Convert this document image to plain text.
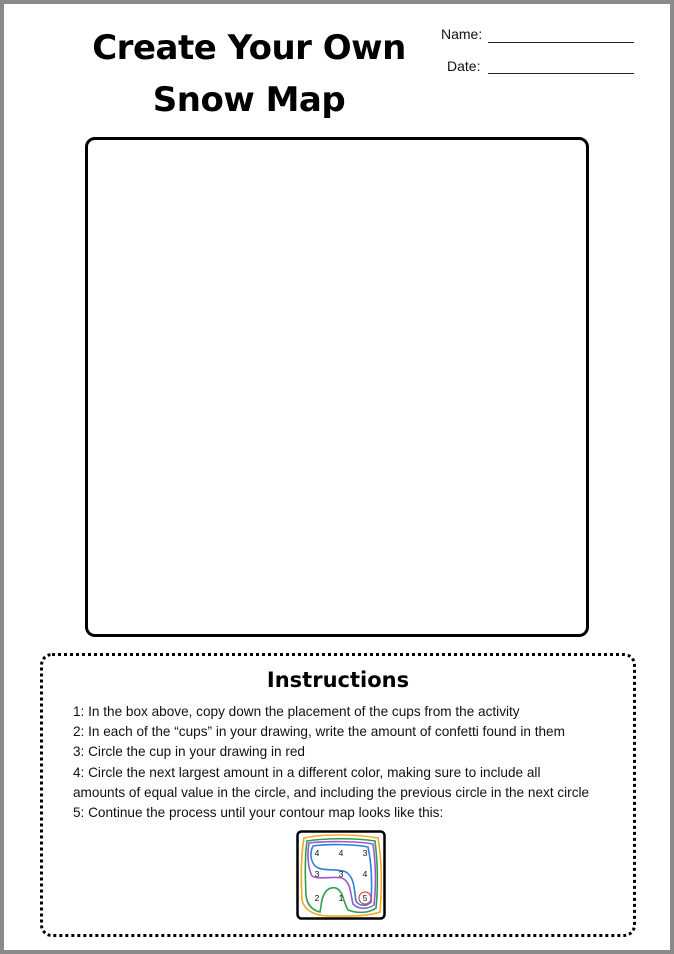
Create Your Own
Snow Map
Name:
Date:
Instructions
1: In the box above, copy down the placement of the cups from the activity
2: In each of the “cups” in your drawing, write the amount of confetti found in them
3: Circle the cup in your drawing in red
4: Circle the next largest amount in a different color, making sure to include all
amounts of equal value in the circle, and including the previous circle in the next circle
5: Continue the process until your contour map looks like this:
4 4 3
3 3 4
2 1 5
